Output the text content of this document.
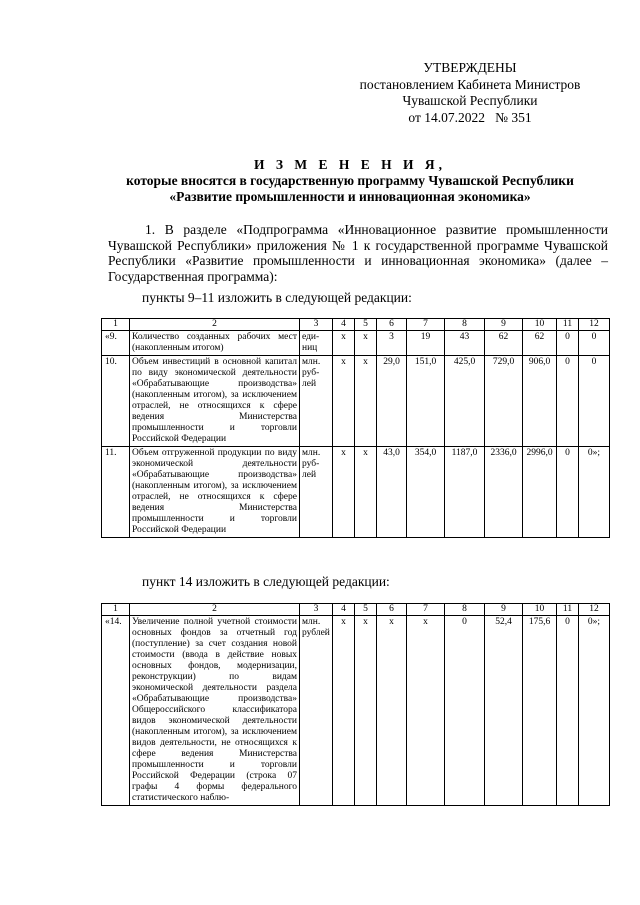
УТВЕРЖДЕНЫ
постановлением Кабинета Министров
Чувашской Республики
от 14.07.2022   № 351
И З М Е Н Е Н И Я,
которые вносятся в государственную программу Чувашской Республики
«Развитие промышленности и инновационная экономика»
1. В разделе «Подпрограмма «Инновационное развитие промышленности Чувашской Республики» приложения № 1 к государственной программе Чувашской Республики «Развитие промышленности и инновационная экономика» (далее – Государственная программа):
пункты 9–11 изложить в следующей редакции:
1	2	3	4	5	6	7	8	9	10	11	12
«9.	Количество созданных рабочих мест (накопленным итогом)	еди-ниц	х	х	3	19	43	62	62	0	0
10.	Объем инвестиций в основной капитал по виду экономической деятельности «Обрабатывающие производства» (накопленным итогом), за исключением отраслей, не относящихся к сфере ведения Министерства промышленности и торговли Российской Федерации	млн. руб-лей	х	х	29,0	151,0	425,0	729,0	906,0	0	0
11.	Объем отгруженной продукции по виду экономической деятельности «Обрабатывающие производства» (накопленным итогом), за исключением отраслей, не относящихся к сфере ведения Министерства промышленности и торговли Российской Федерации	млн. руб-лей	х	х	43,0	354,0	1187,0	2336,0	2996,0	0	0»;
пункт 14 изложить в следующей редакции:
1	2	3	4	5	6	7	8	9	10	11	12
«14.	Увеличение полной учетной стоимости основных фондов за отчетный год (поступление) за счет создания новой стоимости (ввода в действие новых основных фондов, модернизации, реконструкции) по видам экономической деятельности раздела «Обрабатывающие производства» Общероссийского классификатора видов экономической деятельности (накопленным итогом), за исключением видов деятельности, не относящихся к сфере ведения Министерства промышленности и торговли Российской Федерации (строка 07 графы 4 формы федерального статистического наблю-	млн. рублей	х	х	х	х	0	52,4	175,6	0	0»;
